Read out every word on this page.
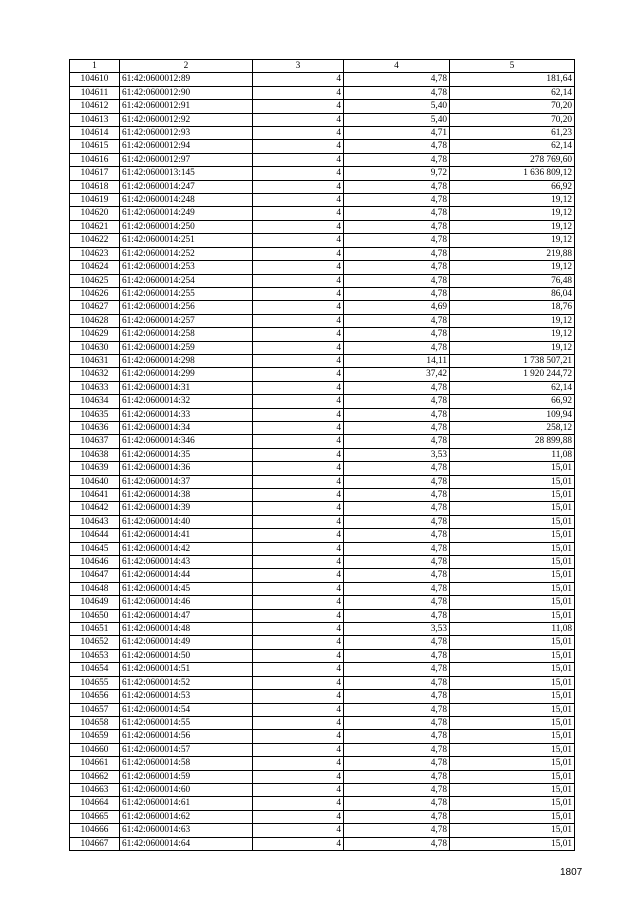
1	2	3	4	5
104610	61:42:0600012:89	4	4,78	181,64
104611	61:42:0600012:90	4	4,78	62,14
104612	61:42:0600012:91	4	5,40	70,20
104613	61:42:0600012:92	4	5,40	70,20
104614	61:42:0600012:93	4	4,71	61,23
104615	61:42:0600012:94	4	4,78	62,14
104616	61:42:0600012:97	4	4,78	278 769,60
104617	61:42:0600013:145	4	9,72	1 636 809,12
104618	61:42:0600014:247	4	4,78	66,92
104619	61:42:0600014:248	4	4,78	19,12
104620	61:42:0600014:249	4	4,78	19,12
104621	61:42:0600014:250	4	4,78	19,12
104622	61:42:0600014:251	4	4,78	19,12
104623	61:42:0600014:252	4	4,78	219,88
104624	61:42:0600014:253	4	4,78	19,12
104625	61:42:0600014:254	4	4,78	76,48
104626	61:42:0600014:255	4	4,78	86,04
104627	61:42:0600014:256	4	4,69	18,76
104628	61:42:0600014:257	4	4,78	19,12
104629	61:42:0600014:258	4	4,78	19,12
104630	61:42:0600014:259	4	4,78	19,12
104631	61:42:0600014:298	4	14,11	1 738 507,21
104632	61:42:0600014:299	4	37,42	1 920 244,72
104633	61:42:0600014:31	4	4,78	62,14
104634	61:42:0600014:32	4	4,78	66,92
104635	61:42:0600014:33	4	4,78	109,94
104636	61:42:0600014:34	4	4,78	258,12
104637	61:42:0600014:346	4	4,78	28 899,88
104638	61:42:0600014:35	4	3,53	11,08
104639	61:42:0600014:36	4	4,78	15,01
104640	61:42:0600014:37	4	4,78	15,01
104641	61:42:0600014:38	4	4,78	15,01
104642	61:42:0600014:39	4	4,78	15,01
104643	61:42:0600014:40	4	4,78	15,01
104644	61:42:0600014:41	4	4,78	15,01
104645	61:42:0600014:42	4	4,78	15,01
104646	61:42:0600014:43	4	4,78	15,01
104647	61:42:0600014:44	4	4,78	15,01
104648	61:42:0600014:45	4	4,78	15,01
104649	61:42:0600014:46	4	4,78	15,01
104650	61:42:0600014:47	4	4,78	15,01
104651	61:42:0600014:48	4	3,53	11,08
104652	61:42:0600014:49	4	4,78	15,01
104653	61:42:0600014:50	4	4,78	15,01
104654	61:42:0600014:51	4	4,78	15,01
104655	61:42:0600014:52	4	4,78	15,01
104656	61:42:0600014:53	4	4,78	15,01
104657	61:42:0600014:54	4	4,78	15,01
104658	61:42:0600014:55	4	4,78	15,01
104659	61:42:0600014:56	4	4,78	15,01
104660	61:42:0600014:57	4	4,78	15,01
104661	61:42:0600014:58	4	4,78	15,01
104662	61:42:0600014:59	4	4,78	15,01
104663	61:42:0600014:60	4	4,78	15,01
104664	61:42:0600014:61	4	4,78	15,01
104665	61:42:0600014:62	4	4,78	15,01
104666	61:42:0600014:63	4	4,78	15,01
104667	61:42:0600014:64	4	4,78	15,01
1807
